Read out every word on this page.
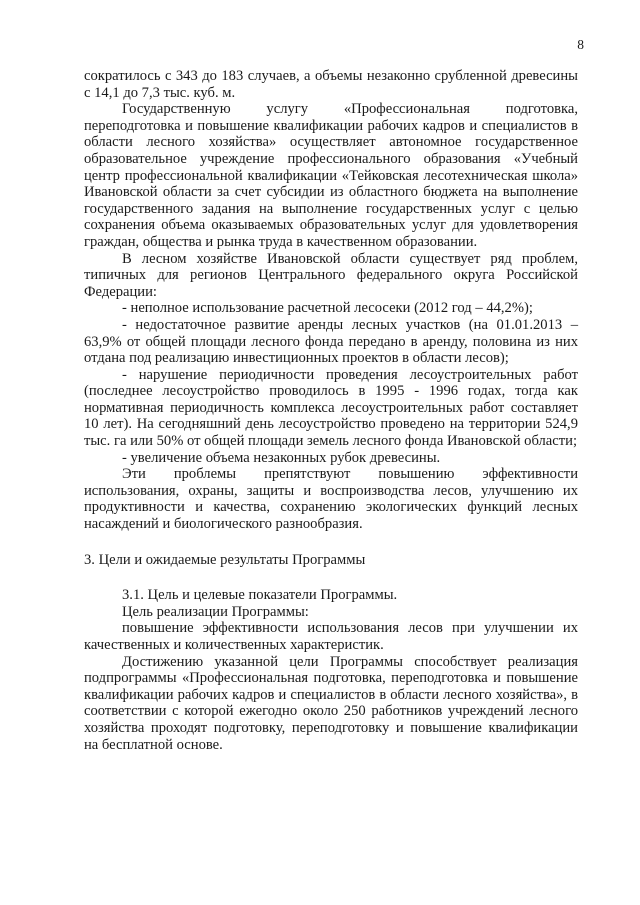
8

сократилось с 343 до 183 случаев, а объемы незаконно срубленной древесины с 14,1 до 7,3 тыс. куб. м.

Государственную услугу «Профессиональная подготовка, переподготовка и повышение квалификации рабочих кадров и специалистов в области лесного хозяйства» осуществляет автономное государственное образовательное учреждение профессионального образования «Учебный центр профессиональной квалификации «Тейковская лесотехническая школа» Ивановской области за счет субсидии из областного бюджета на выполнение государственного задания на выполнение государственных услуг с целью сохранения объема оказываемых образовательных услуг для удовлетворения граждан, общества и рынка труда в качественном образовании.

В лесном хозяйстве Ивановской области существует ряд проблем, типичных для регионов Центрального федерального округа Российской Федерации:

- неполное использование расчетной лесосеки (2012 год – 44,2%);

- недостаточное развитие аренды лесных участков (на 01.01.2013 – 63,9% от общей площади лесного фонда передано в аренду, половина из них отдана под реализацию инвестиционных проектов в области лесов);

- нарушение периодичности проведения лесоустроительных работ (последнее лесоустройство проводилось в 1995 - 1996 годах, тогда как нормативная периодичность комплекса лесоустроительных работ составляет 10 лет). На сегодняшний день лесоустройство проведено на территории 524,9 тыс. га или 50% от общей площади земель лесного фонда Ивановской области;

- увеличение объема незаконных рубок древесины.

Эти проблемы препятствуют повышению эффективности использования, охраны, защиты и воспроизводства лесов, улучшению их продуктивности и качества, сохранению экологических функций лесных насаждений и биологического разнообразия.

3. Цели и ожидаемые результаты Программы

3.1. Цель и целевые показатели Программы.

Цель реализации Программы:

повышение эффективности использования лесов при улучшении их качественных и количественных характеристик.

Достижению указанной цели Программы способствует реализация подпрограммы «Профессиональная подготовка, переподготовка и повышение квалификации рабочих кадров и специалистов в области лесного хозяйства», в соответствии с которой ежегодно около 250 работников учреждений лесного хозяйства проходят подготовку, переподготовку и повышение квалификации на бесплатной основе.
